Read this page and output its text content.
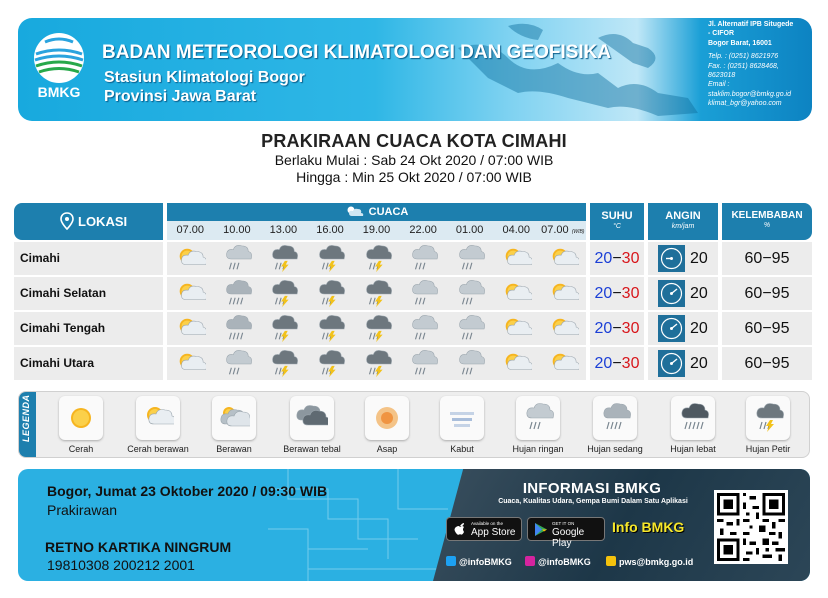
BMKG
BADAN METEOROLOGI KLIMATOLOGI DAN GEOFISIKA
Stasiun Klimatologi Bogor
Provinsi Jawa Barat
Jl. Alternatif IPB Situgede
- CIFOR
Bogor Barat, 16001
Telp. : (0251) 8621976
Fax. : (0251) 8628468,
8623018
Email :
staklim.bogor@bmkg.go.id
klimat_bgr@yahoo.com
PRAKIRAAN CUACA KOTA CIMAHI
Berlaku Mulai : Sab 24 Okt 2020 / 07:00 WIB
Hingga : Min 25 Okt 2020 / 07:00 WIB
LOKASI
CUACA
07.00	10.00	13.00	16.00	19.00	22.00	01.00	04.00	07.00 (WIB)
SUHU
°C
ANGIN
km/jam
KELEMBABAN
%
Cimahi	20−30	20	60−95
Cimahi Selatan	20−30	20	60−95
Cimahi Tengah	20−30	20	60−95
Cimahi Utara	20−30	20	60−95
LEGENDA
Cerah	Cerah berawan	Berawan	Berawan tebal	Asap	Kabut	Hujan ringan	Hujan sedang	Hujan lebat	Hujan Petir
Bogor, Jumat 23 Oktober 2020 / 09:30 WIB
Prakirawan
RETNO KARTIKA NINGRUM
19810308 200212 2001
INFORMASI BMKG
Cuaca, Kualitas Udara, Gempa Bumi Dalam Satu Aplikasi
Available on the
App Store
GET IT ON
Google Play
Info BMKG
@infoBMKG	@infoBMKG	pws@bmkg.go.id
